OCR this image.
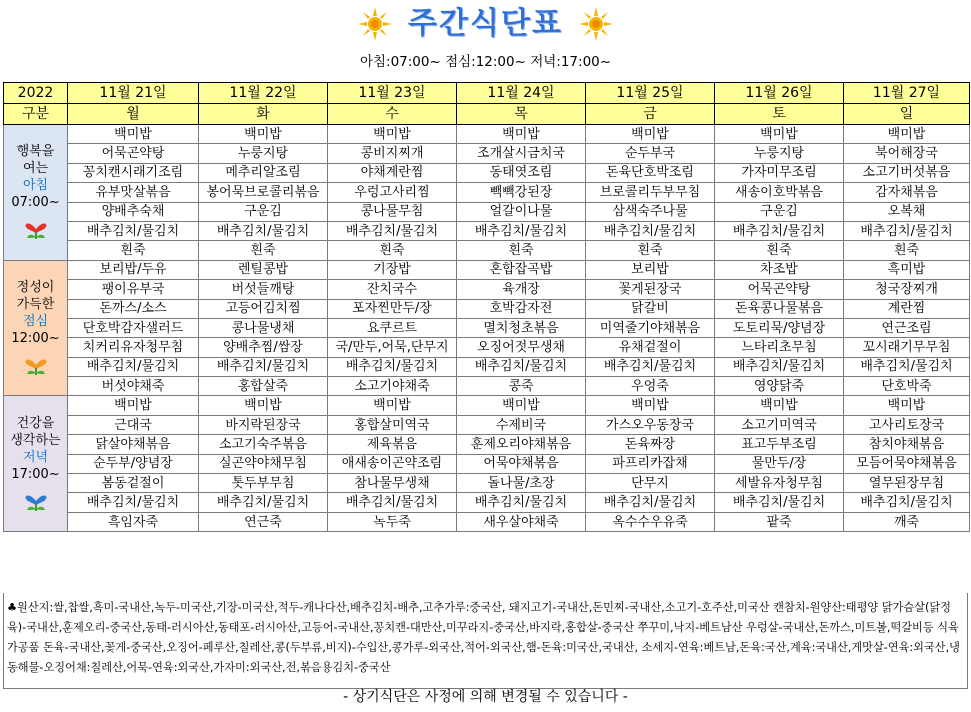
주간식단표
아침:07:00~ 점심:12:00~ 저녁:17:00~
2022	11월 21일	11월 22일	11월 23일	11월 24일	11월 25일	11월 26일	11월 27일
구분	월	화	수	목	금	토	일

행복을
여는
아침
07:00~	백미밥	백미밥	백미밥	백미밥	백미밥	백미밥	백미밥
	어묵곤약탕	누룽지탕	콩비지찌개	조개살시금치국	순두부국	누룽지탕	북어해장국
	꽁치캔시래기조림	메추리알조림	야채계란찜	동태엿조림	돈육단호박조림	가자미무조림	소고기버섯볶음
	유부맛살볶음	봉어묵브로콜리볶음	우렁고사리찜	빽빽강된장	브로콜리두부무침	새송이호박볶음	감자채볶음
	양배추숙채	구운김	콩나물무침	얼갈이나물	삼색숙주나물	구운김	오복채
	배추김치/물김치	배추김치/물김치	배추김치/물김치	배추김치/물김치	배추김치/물김치	배추김치/물김치	배추김치/물김치
	흰죽	흰죽	흰죽	흰죽	흰죽	흰죽	흰죽

정성이
가득한
점심
12:00~	보리밥/두유	렌틸콩밥	기장밥	혼합잡곡밥	보리밥	차조밥	흑미밥
	팽이유부국	버섯들깨탕	잔치국수	육개장	꽃게된장국	어묵곤약탕	청국장찌개
	돈까스/소스	고등어김치찜	포자찐만두/장	호박감자전	닭갈비	돈육콩나물볶음	계란찜
	단호박감자샐러드	콩나물냉채	요쿠르트	멸치청초볶음	미역줄기야채볶음	도토리묵/양념장	연근조림
	치커리유자청무침	양배추찜/쌈장	국/만두,어묵,단무지	오징어젓무생채	유채겉절이	느타리초무침	꼬시래기무무침
	배추김치/물김치	배추김치/물김치	배추김치/물김치	배추김치/물김치	배추김치/물김치	배추김치/물김치	배추김치/물김치
	버섯야채죽	홍합살죽	소고기야채죽	콩죽	우엉죽	영양닭죽	단호박죽

건강을
생각하는
저녁
17:00~	백미밥	백미밥	백미밥	백미밥	백미밥	백미밥	백미밥
	근대국	바지락된장국	홍합살미역국	수제비국	가스오우동장국	소고기미역국	고사리토장국
	닭살야채볶음	소고기숙주볶음	제육볶음	훈제오리야채볶음	돈육짜장	표고두부조림	참치야채볶음
	순두부/양념장	실곤약야채무침	애새송이곤약조림	어묵야채볶음	파프리카잡채	물만두/장	모듬어묵야채볶음
	봄동겉절이	톳두부무침	참나물무생채	돌나물/초장	단무지	세발유자청무침	열무된장무침
	배추김치/물김치	배추김치/물김치	배추김치/물김치	배추김치/물김치	배추김치/물김치	배추김치/물김치	배추김치/물김치
	흑임자죽	연근죽	녹두죽	새우살야채죽	옥수수우유죽	팥죽	깨죽
♣원산지:쌀,찹쌀,흑미-국내산,녹두-미국산,기장-미국산,적두-캐나다산,배추김치-배추,고추가루:중국산, 돼지고기-국내산,돈민찌-국내산,소고기-호주산,미국산 캔참치-원양산:태평양 닭가슴살(닭정육)-국내산,훈제오리-중국산,동태-러시아산,동태포-러시아산,고등어-국내산,꽁치캔-대만산,미꾸라지-중국산,바지락,홍합살-중국산 쭈꾸미,낙지-베트남산 우렁살-국내산,돈까스,미트볼,떡갈비등 식육가공품 돈육-국내산,꽃게-중국산,오징어-페루산,칠레산,콩(두부류,비지)-수입산,콩가루-외국산,적어-외국산,햄-돈육:미국산,국내산, 소세지-연육:베트남,돈육:국산,계육:국내산,게맛살-연육:외국산,냉동해물-오징어채:칠레산,어묵-연육:외국산,가자미:외국산,전,볶음용김치-중국산
- 상기식단은 사정에 의해 변경될 수 있습니다 -
